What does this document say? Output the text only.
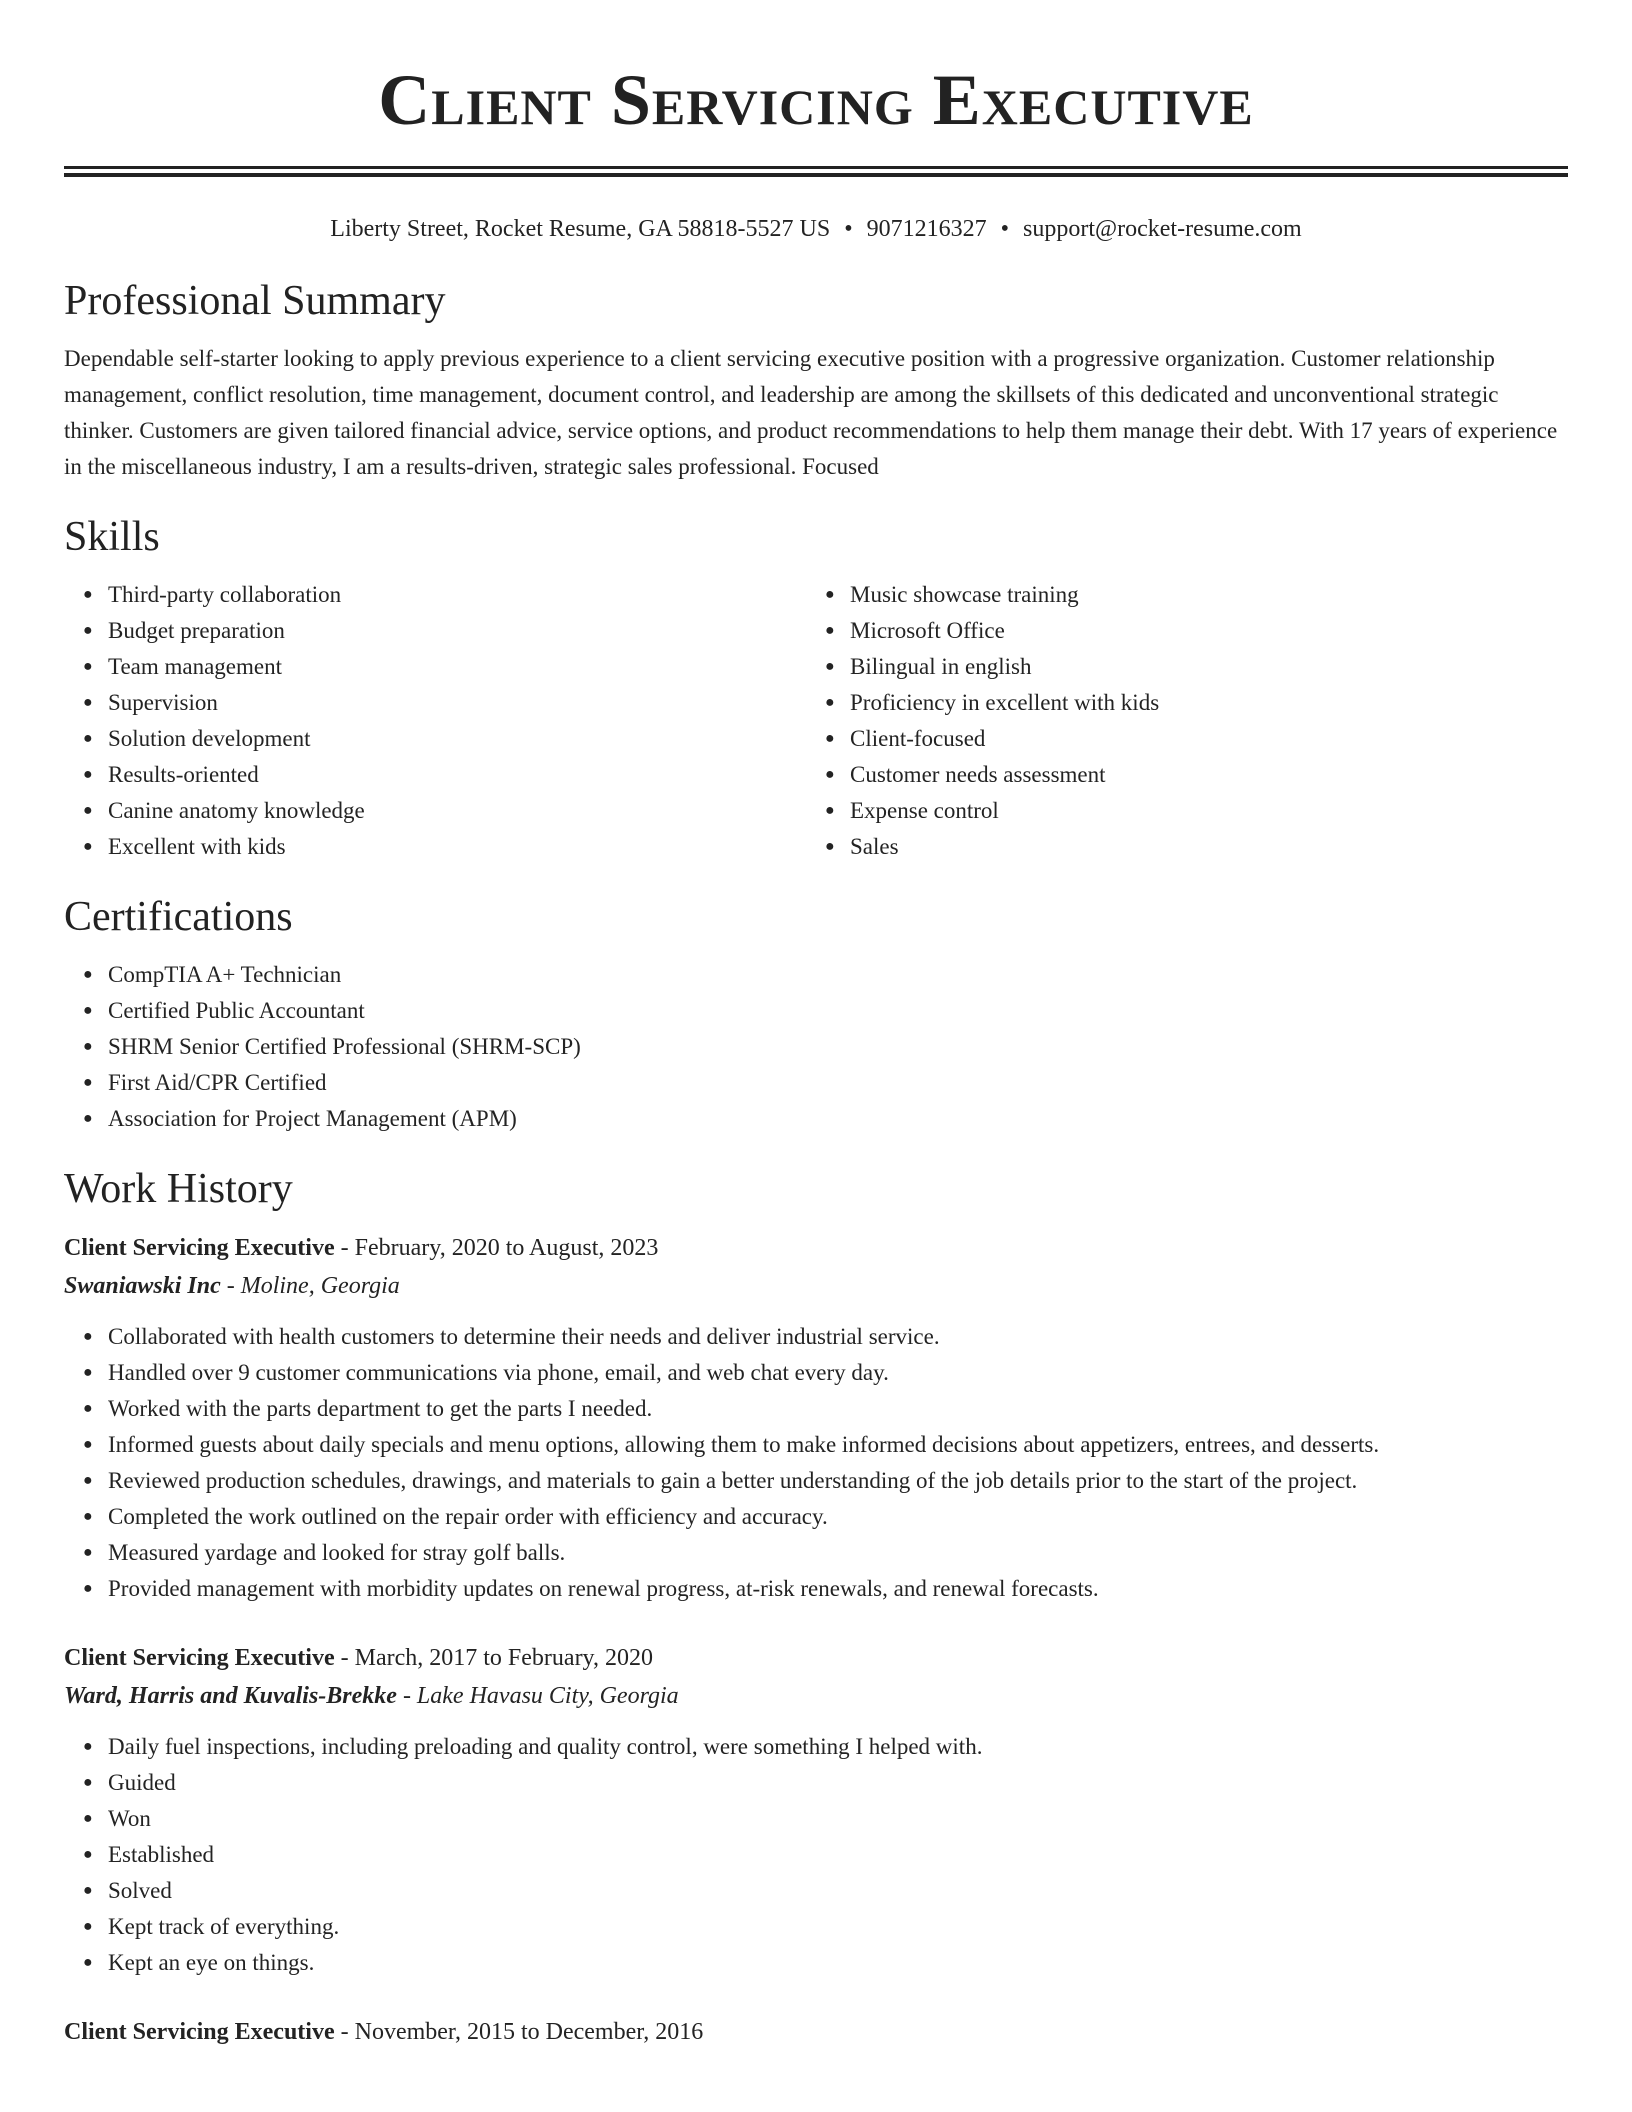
Client Servicing Executive
Liberty Street, Rocket Resume, GA 58818-5527 US • 9071216327 • support@rocket-resume.com
Professional Summary
Dependable self-starter looking to apply previous experience to a client servicing executive position with a progressive organization. Customer relationship management, conflict resolution, time management, document control, and leadership are among the skillsets of this dedicated and unconventional strategic thinker. Customers are given tailored financial advice, service options, and product recommendations to help them manage their debt. With 17 years of experience in the miscellaneous industry, I am a results-driven, strategic sales professional. Focused
Skills
● Third-party collaboration
● Budget preparation
● Team management
● Supervision
● Solution development
● Results-oriented
● Canine anatomy knowledge
● Excellent with kids
● Music showcase training
● Microsoft Office
● Bilingual in english
● Proficiency in excellent with kids
● Client-focused
● Customer needs assessment
● Expense control
● Sales
Certifications
● CompTIA A+ Technician
● Certified Public Accountant
● SHRM Senior Certified Professional (SHRM-SCP)
● First Aid/CPR Certified
● Association for Project Management (APM)
Work History
Client Servicing Executive - February, 2020 to August, 2023
Swaniawski Inc - Moline, Georgia
● Collaborated with health customers to determine their needs and deliver industrial service.
● Handled over 9 customer communications via phone, email, and web chat every day.
● Worked with the parts department to get the parts I needed.
● Informed guests about daily specials and menu options, allowing them to make informed decisions about appetizers, entrees, and desserts.
● Reviewed production schedules, drawings, and materials to gain a better understanding of the job details prior to the start of the project.
● Completed the work outlined on the repair order with efficiency and accuracy.
● Measured yardage and looked for stray golf balls.
● Provided management with morbidity updates on renewal progress, at-risk renewals, and renewal forecasts.
Client Servicing Executive - March, 2017 to February, 2020
Ward, Harris and Kuvalis-Brekke - Lake Havasu City, Georgia
● Daily fuel inspections, including preloading and quality control, were something I helped with.
● Guided
● Won
● Established
● Solved
● Kept track of everything.
● Kept an eye on things.
Client Servicing Executive - November, 2015 to December, 2016
